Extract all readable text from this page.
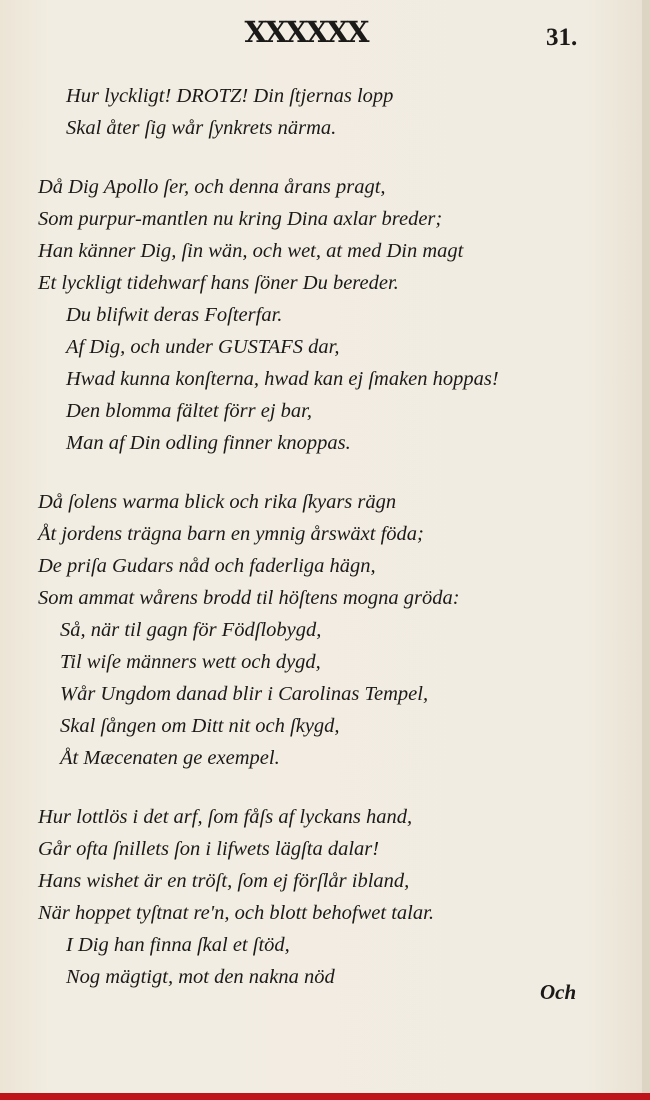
XXXXXX	31.
Hur lyckligt! DROTZ! Din ſtjernas lopp
Skal åter ſig wår ſynkrets närma.
Då Dig Apollo ſer, och denna årans pragt,
Som purpur-mantlen nu kring Dina axlar breder;
Han känner Dig, ſin wän, och wet, at med Din magt
Et lyckligt tidehwarf hans ſöner Du bereder.
Du blifwit deras Foſterfar.
Af Dig, och under GUSTAFS dar,
Hwad kunna konſterna, hwad kan ej ſmaken hoppas!
Den blomma fältet förr ej bar,
Man af Din odling finner knoppas.
Då ſolens warma blick och rika ſkyars rägn
Åt jordens trägna barn en ymnig årswäxt föda;
De priſa Gudars nåd och faderliga hägn,
Som ammat wårens brodd til höſtens mogna gröda:
Så, när til gagn för Födſlobygd,
Til wiſe männers wett och dygd,
Wår Ungdom danad blir i Carolinas Tempel,
Skal ſången om Ditt nit och ſkygd,
Åt Mæcenaten ge exempel.
Hur lottlös i det arf, ſom fåſs af lyckans hand,
Går ofta ſnillets ſon i lifwets lägſta dalar!
Hans wishet är en tröſt, ſom ej förſlår ibland,
När hoppet tyſtnat re'n, och blott behofwet talar.
I Dig han finna ſkal et ſtöd,
Nog mägtigt, mot den nakna nöd
Och
